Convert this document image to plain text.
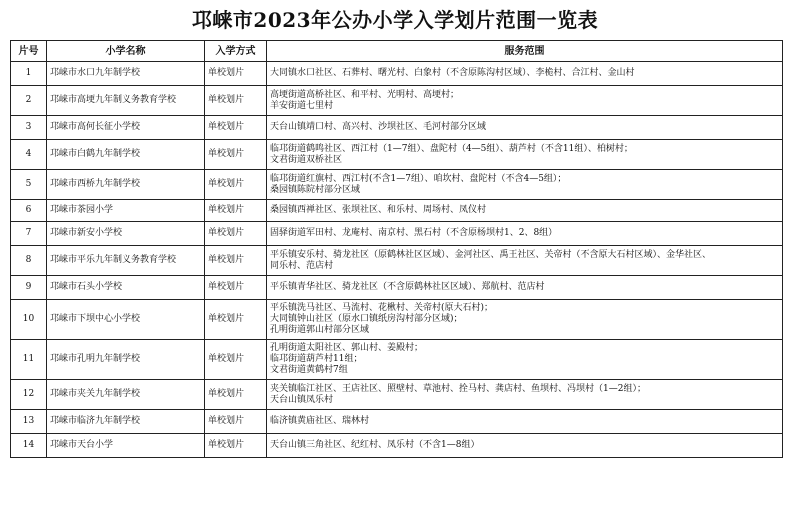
邛崃市2023年公办小学入学划片范围一览表
片号	小学名称	入学方式	服务范围
1	邛崃市水口九年制学校	单校划片	大同镇水口社区、石葬村、曙光村、白象村（不含原陈沟村区域）、李桅村、合江村、金山村
2	邛崃市高埂九年制义务教育学校	单校划片	高埂街道高桥社区、和平村、光明村、高埂村；
羊安街道七里村
3	邛崃市高何长征小学校	单校划片	天台山镇靖口村、高兴村、沙坝社区、毛河村部分区域
4	邛崃市白鹤九年制学校	单校划片	临邛街道鹤鸣社区、西江村（1—7组）、盘陀村（4—5组）、葫芦村（不含11组）、柏树村；
文君街道双桥社区
5	邛崃市西桥九年制学校	单校划片	临邛街道红旗村、西江村(不含1—7组）、咱坎村、盘陀村（不含4—5组）；
桑园镇陈院村部分区域
6	邛崃市茶园小学	单校划片	桑园镇西禅社区、张坝社区、和乐村、周场村、凤仪村
7	邛崃市新安小学校	单校划片	固驿街道军田村、龙庵村、南京村、黑石村（不含原杨坝村1、2、8组）
8	邛崃市平乐九年制义务教育学校	单校划片	平乐镇安乐村、骑龙社区（原鹤林社区区域）、金河社区、禹王社区、关帝村（不含原大石村区域）、金华社区、
同乐村、范店村
9	邛崃市石头小学校	单校划片	平乐镇青华社区、骑龙社区（不含原鹤林社区区域）、郑航村、范店村
10	邛崃市下坝中心小学校	单校划片	平乐镇洗马社区、马流村、花楸村、关帝村(原大石村)；
大同镇钟山社区（原水口镇纸房沟村部分区域)；
孔明街道郭山村部分区域
11	邛崃市孔明九年制学校	单校划片	孔明街道太阳社区、郭山村、姜殿村；
临邛街道葫芦村11组；
文君街道黄鹤村7组
12	邛崃市夹关九年制学校	单校划片	夹关镇临江社区、王店社区、照壁村、草池村、拴马村、龚店村、鱼坝村、冯坝村（1—2组）；
天台山镇凤乐村
13	邛崃市临济九年制学校	单校划片	临济镇黄庙社区、瑞林村
14	邛崃市天台小学	单校划片	天台山镇三角社区、纪红村、凤乐村（不含1—8组）
